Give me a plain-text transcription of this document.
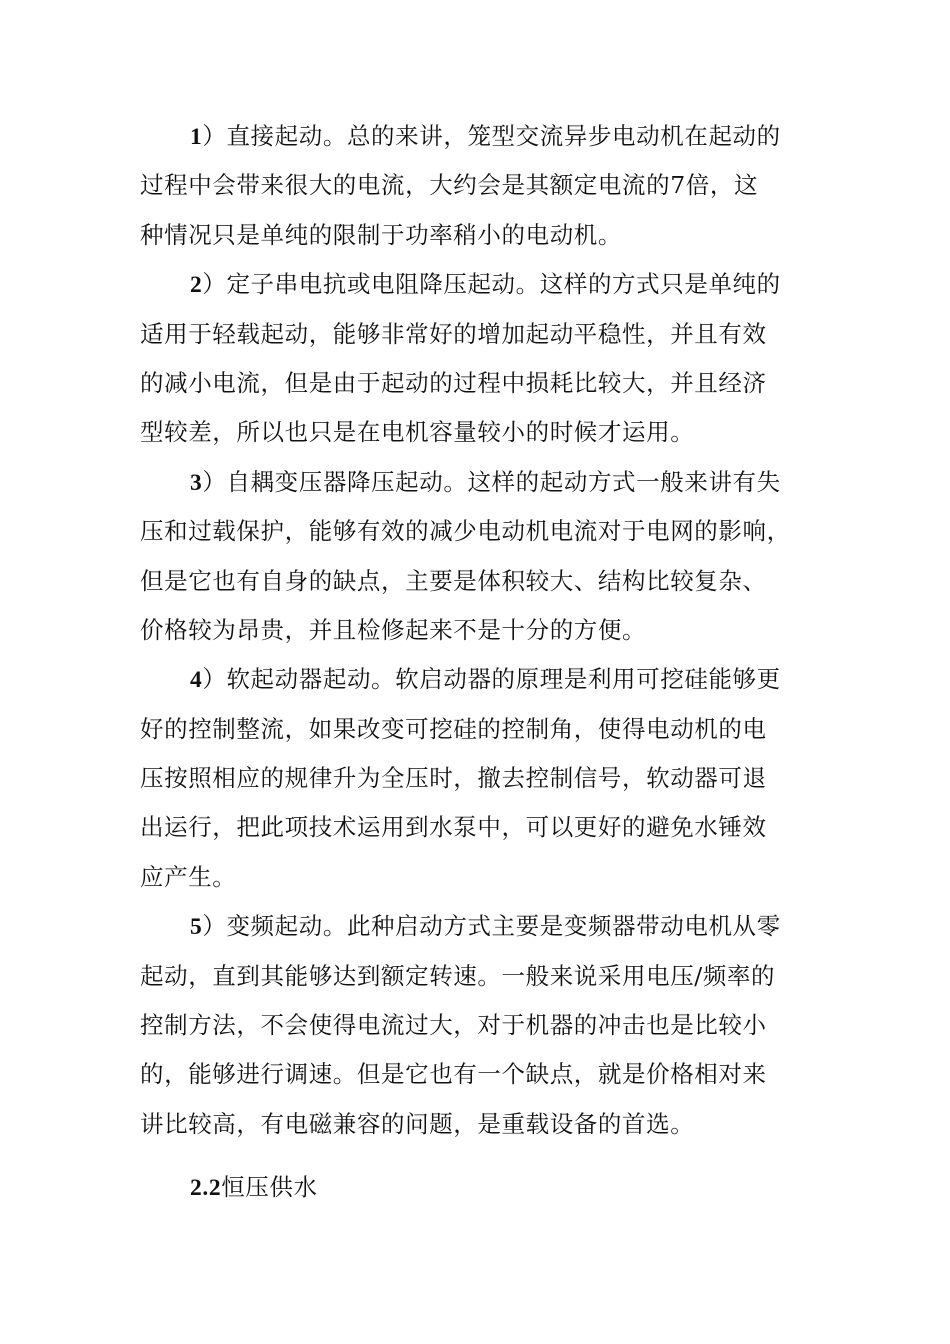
1）直接起动。总的来讲，笼型交流异步电动机在起动的
过程中会带来很大的电流，大约会是其额定电流的7倍，这
种情况只是单纯的限制于功率稍小的电动机。
2）定子串电抗或电阻降压起动。这样的方式只是单纯的
适用于轻载起动，能够非常好的增加起动平稳性，并且有效
的减小电流，但是由于起动的过程中损耗比较大，并且经济
型较差，所以也只是在电机容量较小的时候才运用。
3）自耦变压器降压起动。这样的起动方式一般来讲有失
压和过载保护，能够有效的减少电动机电流对于电网的影响，
但是它也有自身的缺点，主要是体积较大、结构比较复杂、
价格较为昂贵，并且检修起来不是十分的方便。
4）软起动器起动。软启动器的原理是利用可挖硅能够更
好的控制整流，如果改变可挖硅的控制角，使得电动机的电
压按照相应的规律升为全压时，撤去控制信号，软动器可退
出运行，把此项技术运用到水泵中，可以更好的避免水锤效
应产生。
5）变频起动。此种启动方式主要是变频器带动电机从零
起动，直到其能够达到额定转速。一般来说采用电压/频率的
控制方法，不会使得电流过大，对于机器的冲击也是比较小
的，能够进行调速。但是它也有一个缺点，就是价格相对来
讲比较高，有电磁兼容的问题，是重载设备的首选。
2.2恒压供水
